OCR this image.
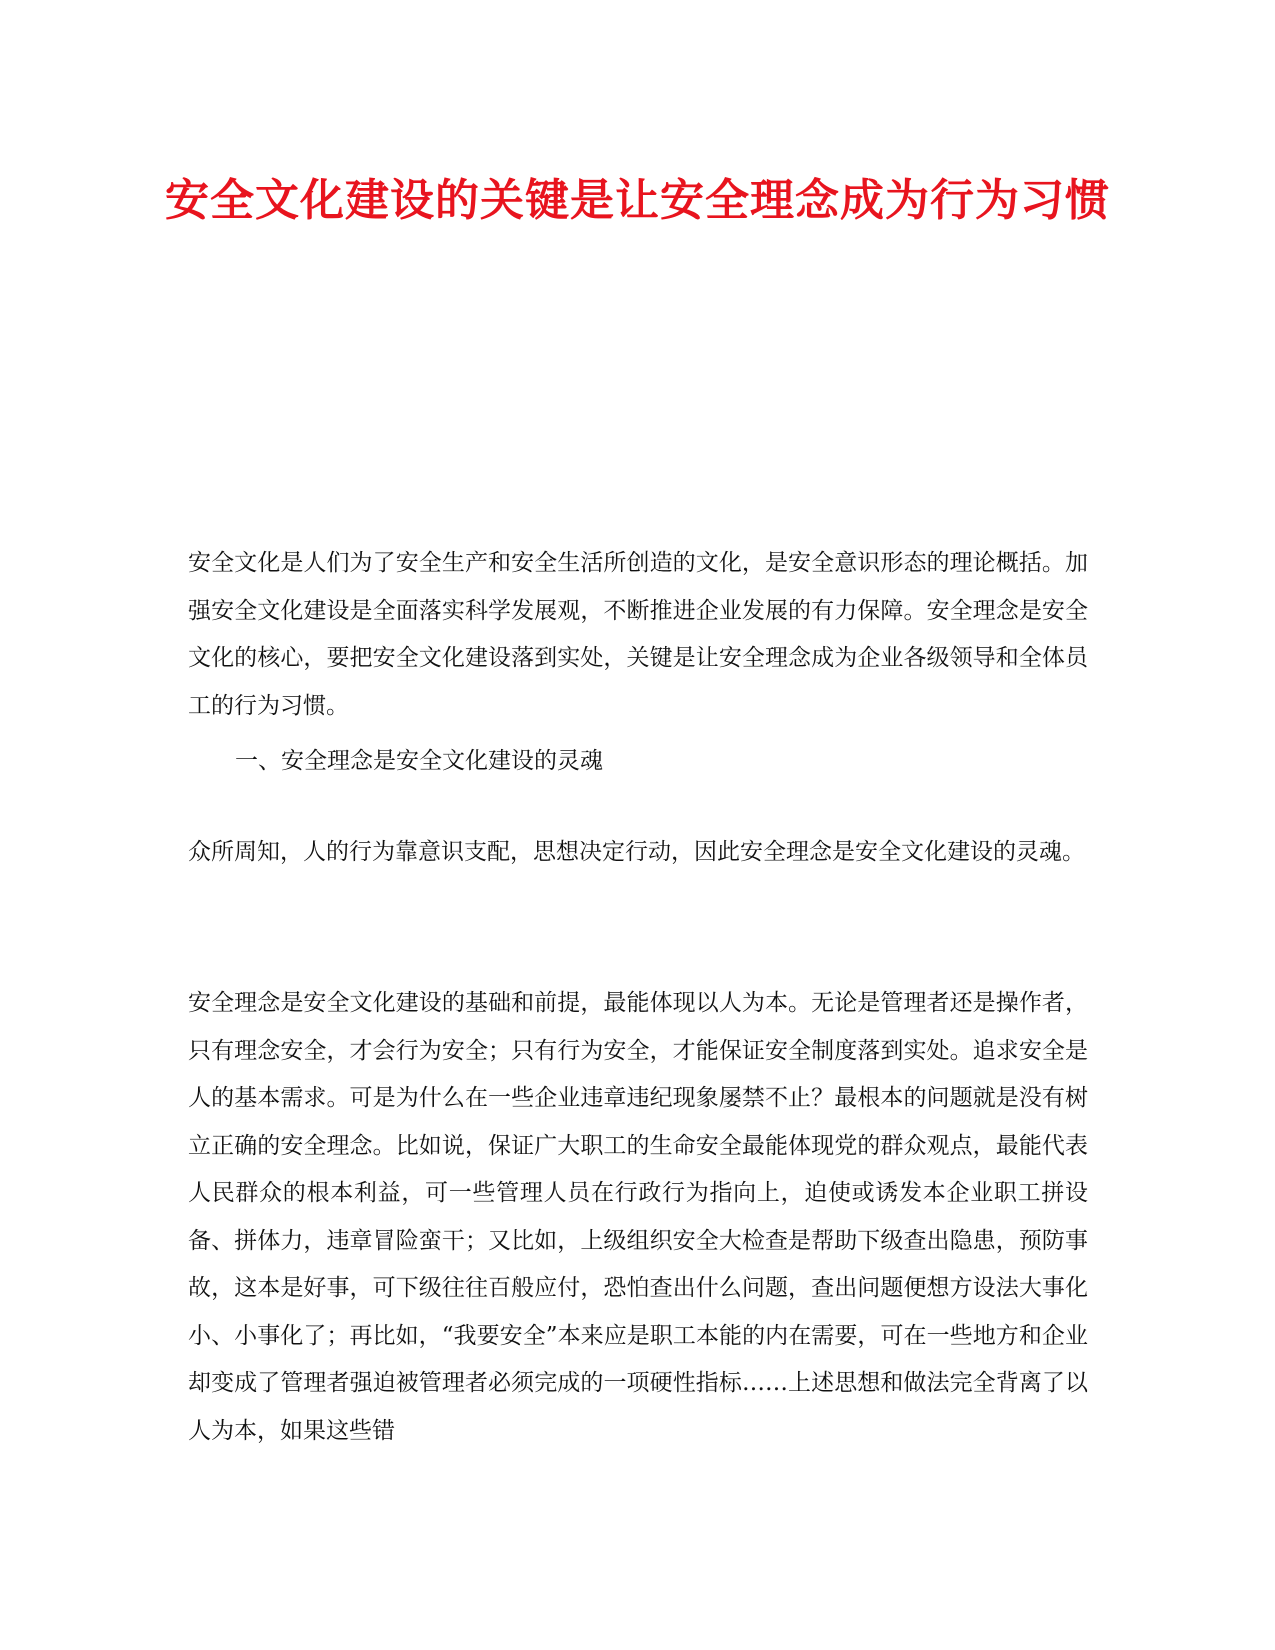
安全文化建设的关键是让安全理念成为行为习惯

安全文化是人们为了安全生产和安全生活所创造的文化，是安全意识形态的理论概括。加强安全文化建设是全面落实科学发展观，不断推进企业发展的有力保障。安全理念是安全文化的核心，要把安全文化建设落到实处，关键是让安全理念成为企业各级领导和全体员工的行为习惯。

一、安全理念是安全文化建设的灵魂

众所周知，人的行为靠意识支配，思想决定行动，因此安全理念是安全文化建设的灵魂。

安全理念是安全文化建设的基础和前提，最能体现以人为本。无论是管理者还是操作者，只有理念安全，才会行为安全；只有行为安全，才能保证安全制度落到实处。追求安全是人的基本需求。可是为什么在一些企业违章违纪现象屡禁不止？最根本的问题就是没有树立正确的安全理念。比如说，保证广大职工的生命安全最能体现党的群众观点，最能代表人民群众的根本利益，可一些管理人员在行政行为指向上，迫使或诱发本企业职工拼设备、拼体力，违章冒险蛮干；又比如，上级组织安全大检查是帮助下级查出隐患，预防事故，这本是好事，可下级往往百般应付，恐怕查出什么问题，查出问题便想方设法大事化小、小事化了；再比如，“我要安全”本来应是职工本能的内在需要，可在一些地方和企业却变成了管理者强迫被管理者必须完成的一项硬性指标……上述思想和做法完全背离了以人为本，如果这些错
